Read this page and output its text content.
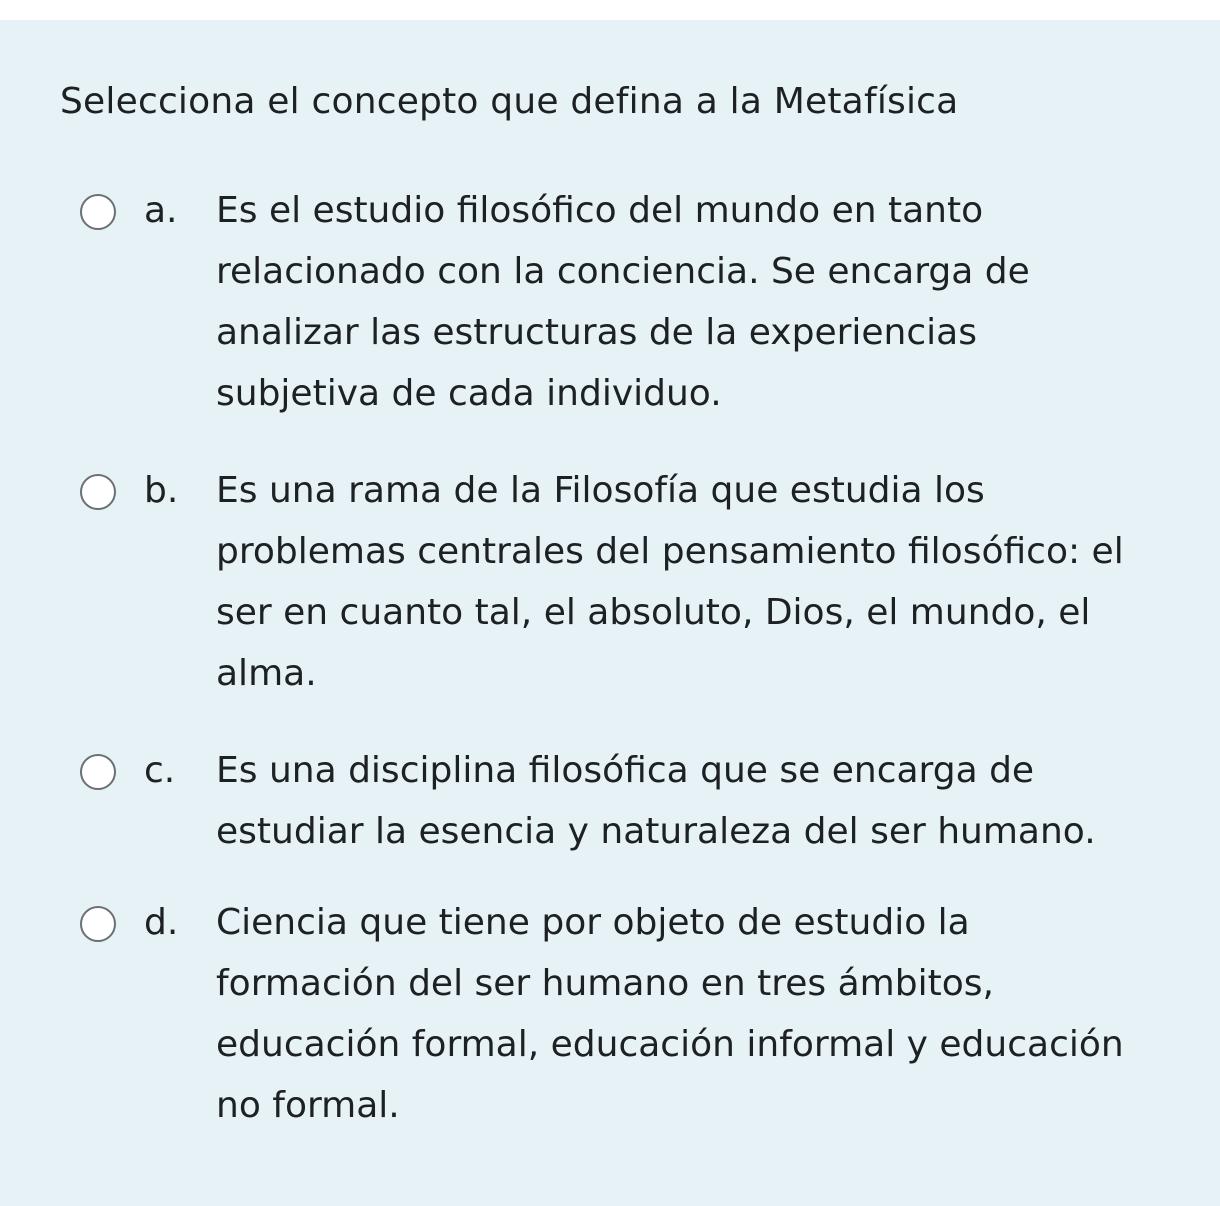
Selecciona el concepto que defina a la Metafísica
a. Es el estudio filosófico del mundo en tanto
relacionado con la conciencia. Se encarga de
analizar las estructuras de la experiencias
subjetiva de cada individuo.
b. Es una rama de la Filosofía que estudia los
problemas centrales del pensamiento filosófico: el
ser en cuanto tal, el absoluto, Dios, el mundo, el
alma.
c. Es una disciplina filosófica que se encarga de
estudiar la esencia y naturaleza del ser humano.
d. Ciencia que tiene por objeto de estudio la
formación del ser humano en tres ámbitos,
educación formal, educación informal y educación
no formal.
